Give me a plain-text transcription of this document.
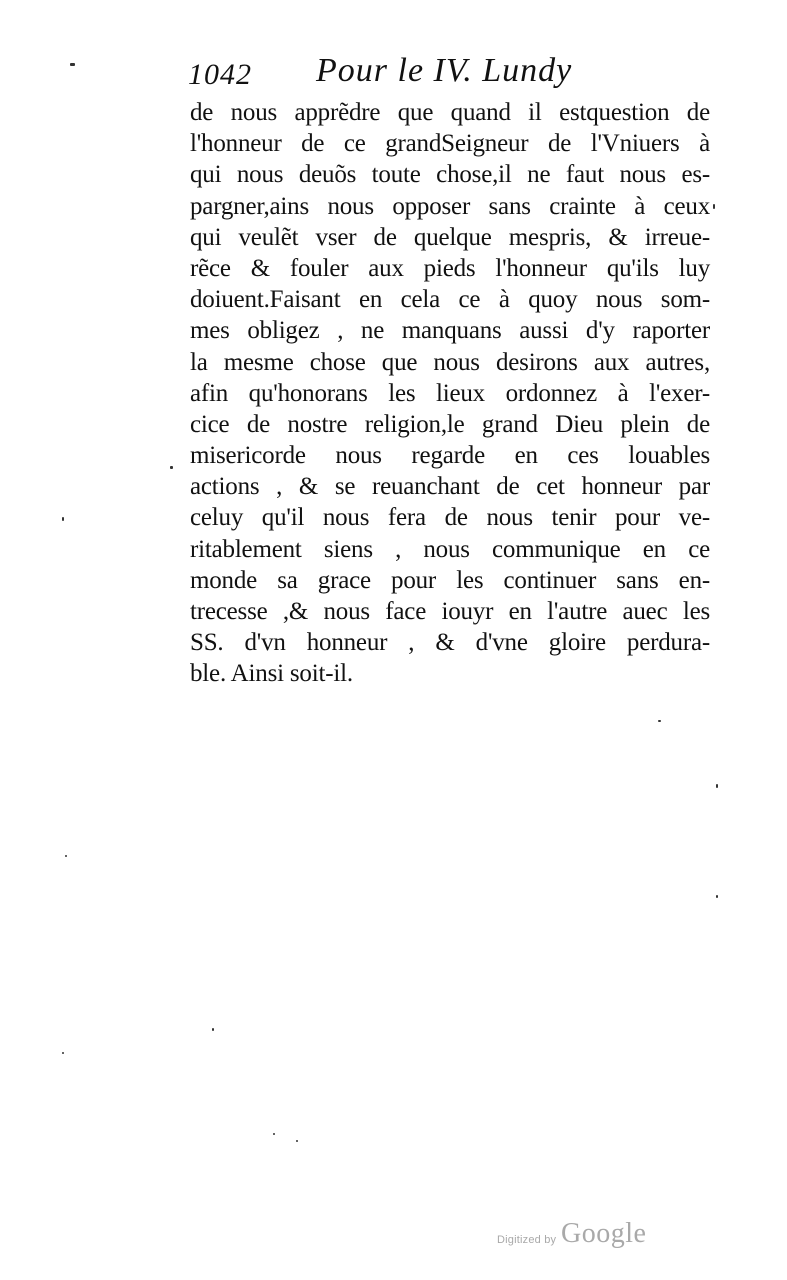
1042 Pour le IV. Lundy
de nous apprẽdre que quand il estquestion de
l'honneur de ce grandSeigneur de l'Vniuers à
qui nous deuõs toute chose,il ne faut nous es-
pargner,ains nous opposer sans crainte à ceux
qui veulẽt vser de quelque mespris, & irreue-
rẽce & fouler aux pieds l'honneur qu'ils luy
doiuent.Faisant en cela ce à quoy nous som-
mes obligez , ne manquans aussi d'y raporter
la mesme chose que nous desirons aux autres,
afin qu'honorans les lieux ordonnez à l'exer-
cice de nostre religion,le grand Dieu plein de
misericorde nous regarde en ces louables
actions , & se reuanchant de cet honneur par
celuy qu'il nous fera de nous tenir pour ve-
ritablement siens , nous communique en ce
monde sa grace pour les continuer sans en-
trecesse ,& nous face iouyr en l'autre auec les
SS. d'vn honneur , & d'vne gloire perdura-
ble. Ainsi soit-il.
Digitized by Google
